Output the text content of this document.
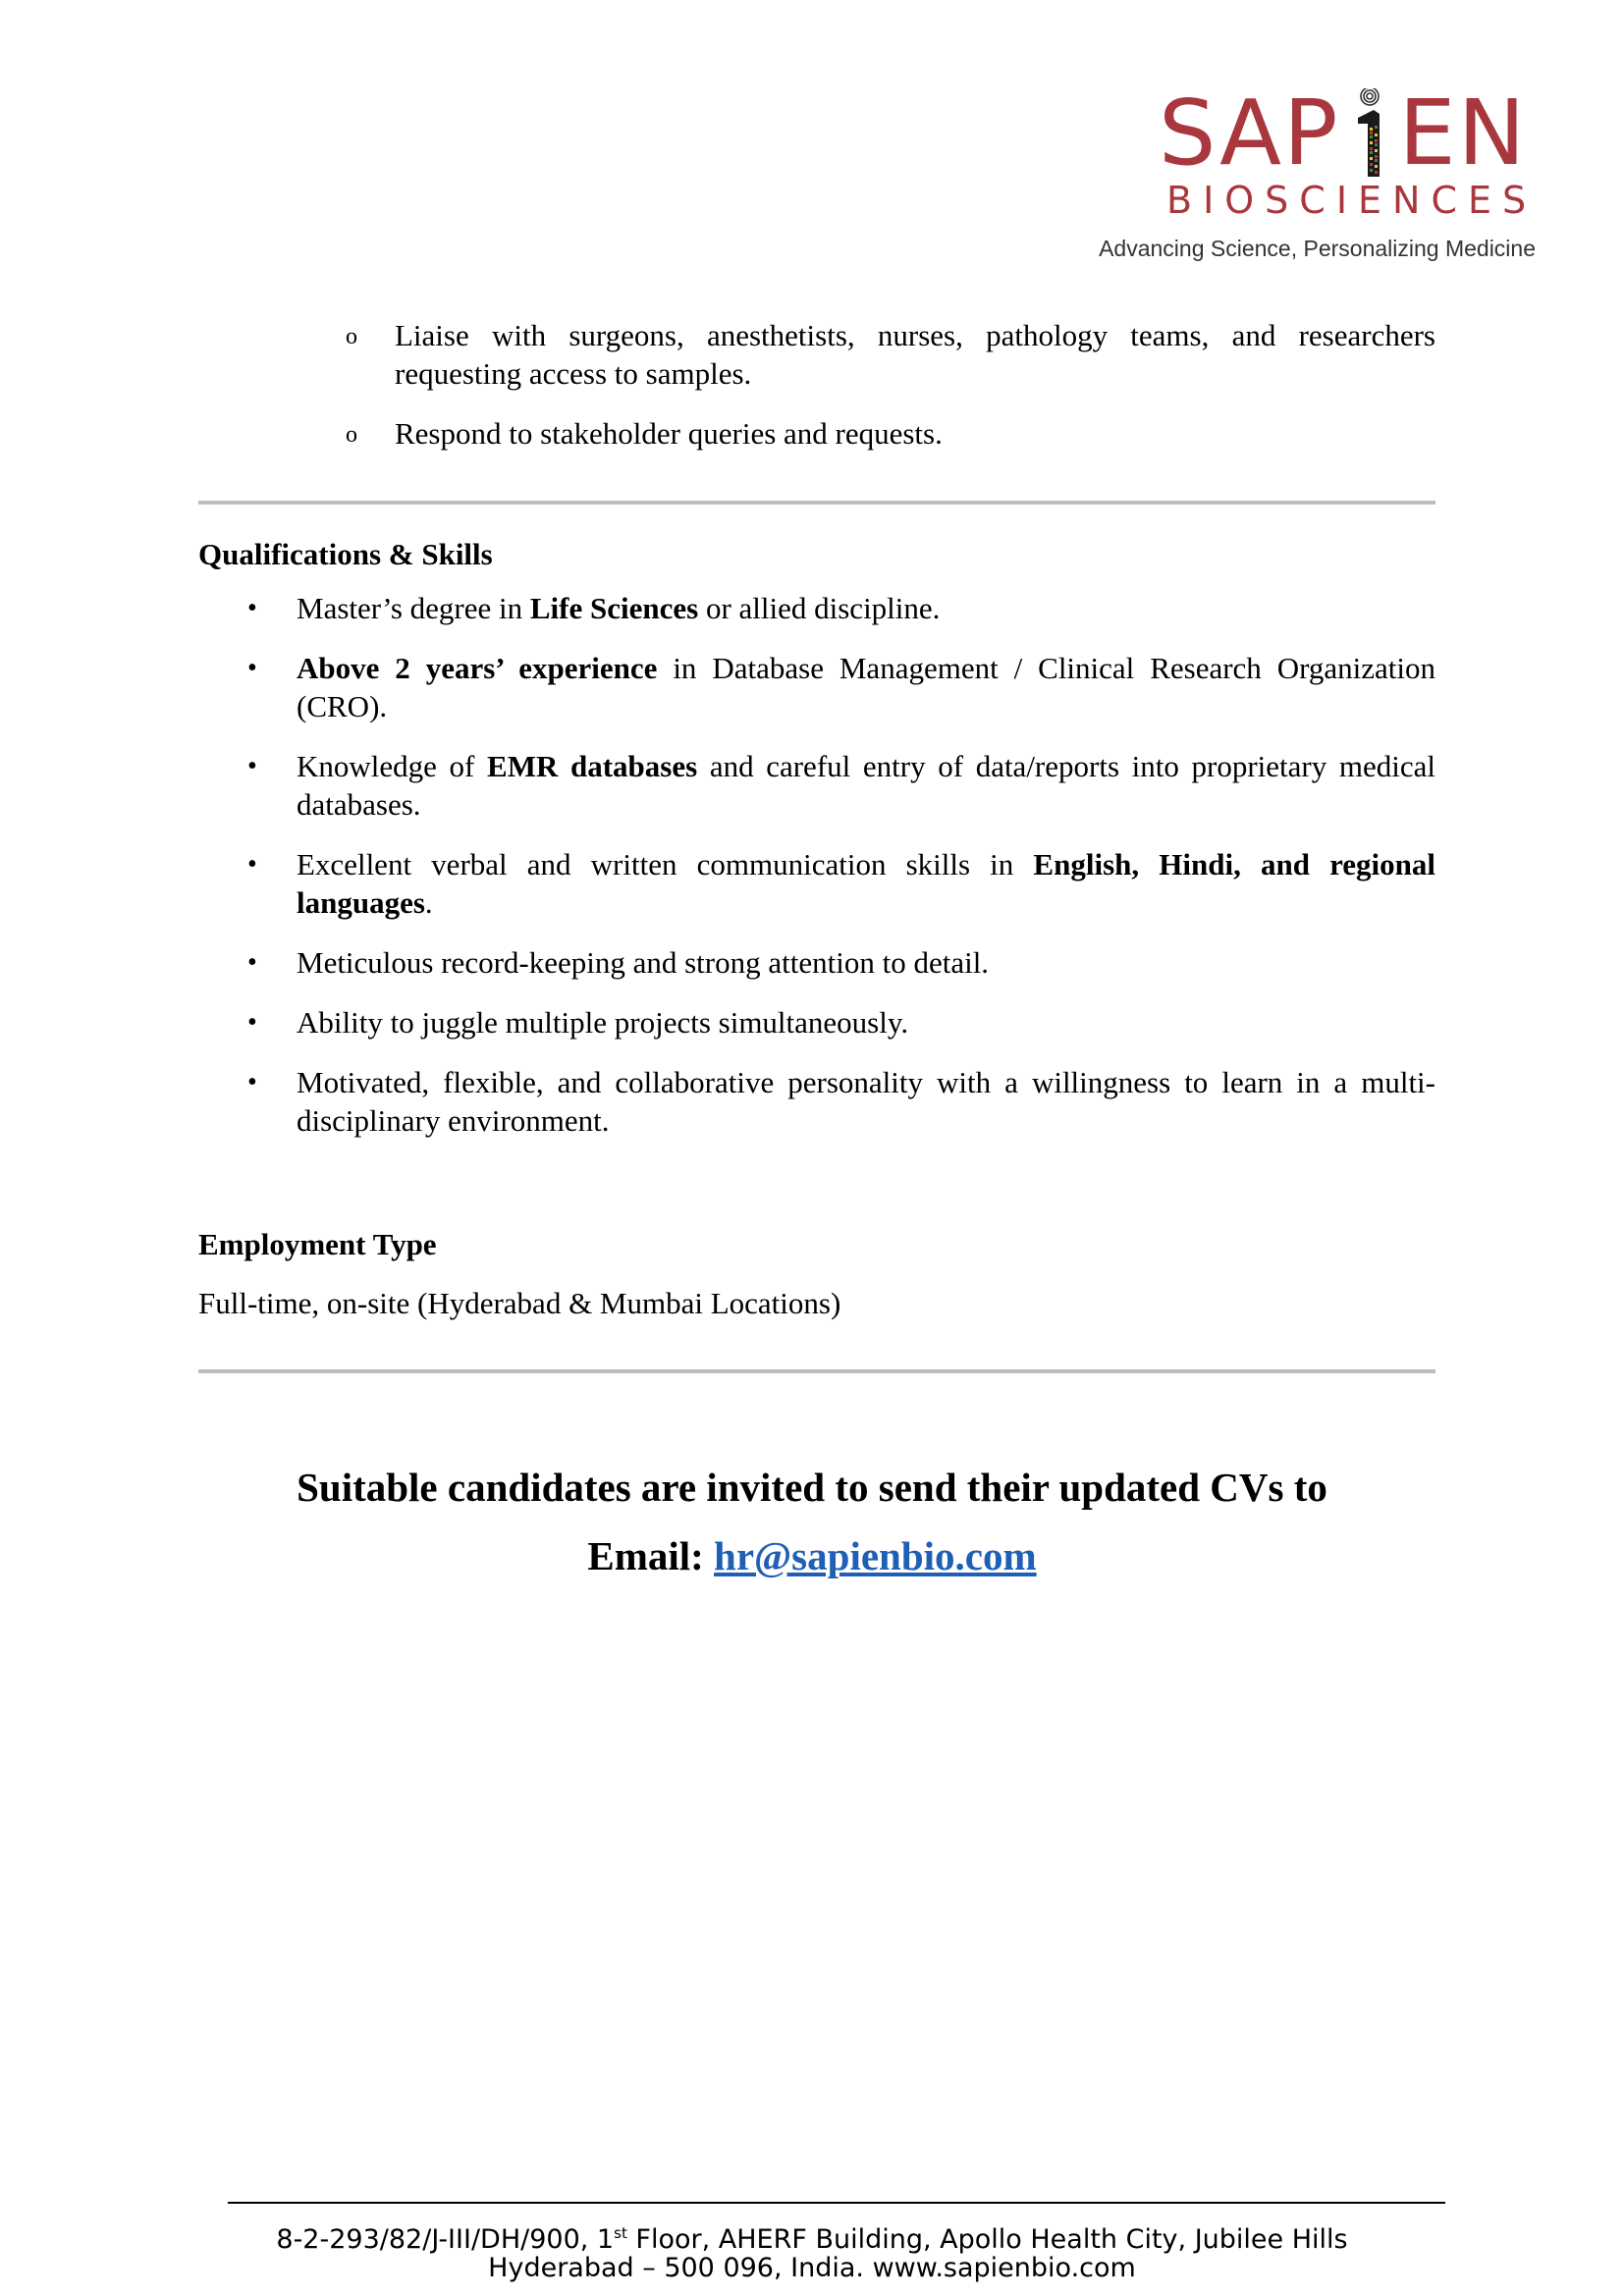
SAP EN
BIOSCIENCES
Advancing Science, Personalizing Medicine
o Liaise with surgeons, anesthetists, nurses, pathology teams, and researchers requesting access to samples.
o Respond to stakeholder queries and requests.
Qualifications & Skills
• Master’s degree in Life Sciences or allied discipline.
• Above 2 years’ experience in Database Management / Clinical Research Organization (CRO).
• Knowledge of EMR databases and careful entry of data/reports into proprietary medical databases.
• Excellent verbal and written communication skills in English, Hindi, and regional languages.
• Meticulous record-keeping and strong attention to detail.
• Ability to juggle multiple projects simultaneously.
• Motivated, flexible, and collaborative personality with a willingness to learn in a multi-disciplinary environment.
Employment Type
Full-time, on-site (Hyderabad & Mumbai Locations)
Suitable candidates are invited to send their updated CVs to
Email: hr@sapienbio.com
8-2-293/82/J-III/DH/900, 1st Floor, AHERF Building, Apollo Health City, Jubilee Hills
Hyderabad – 500 096, India. www.sapienbio.com
